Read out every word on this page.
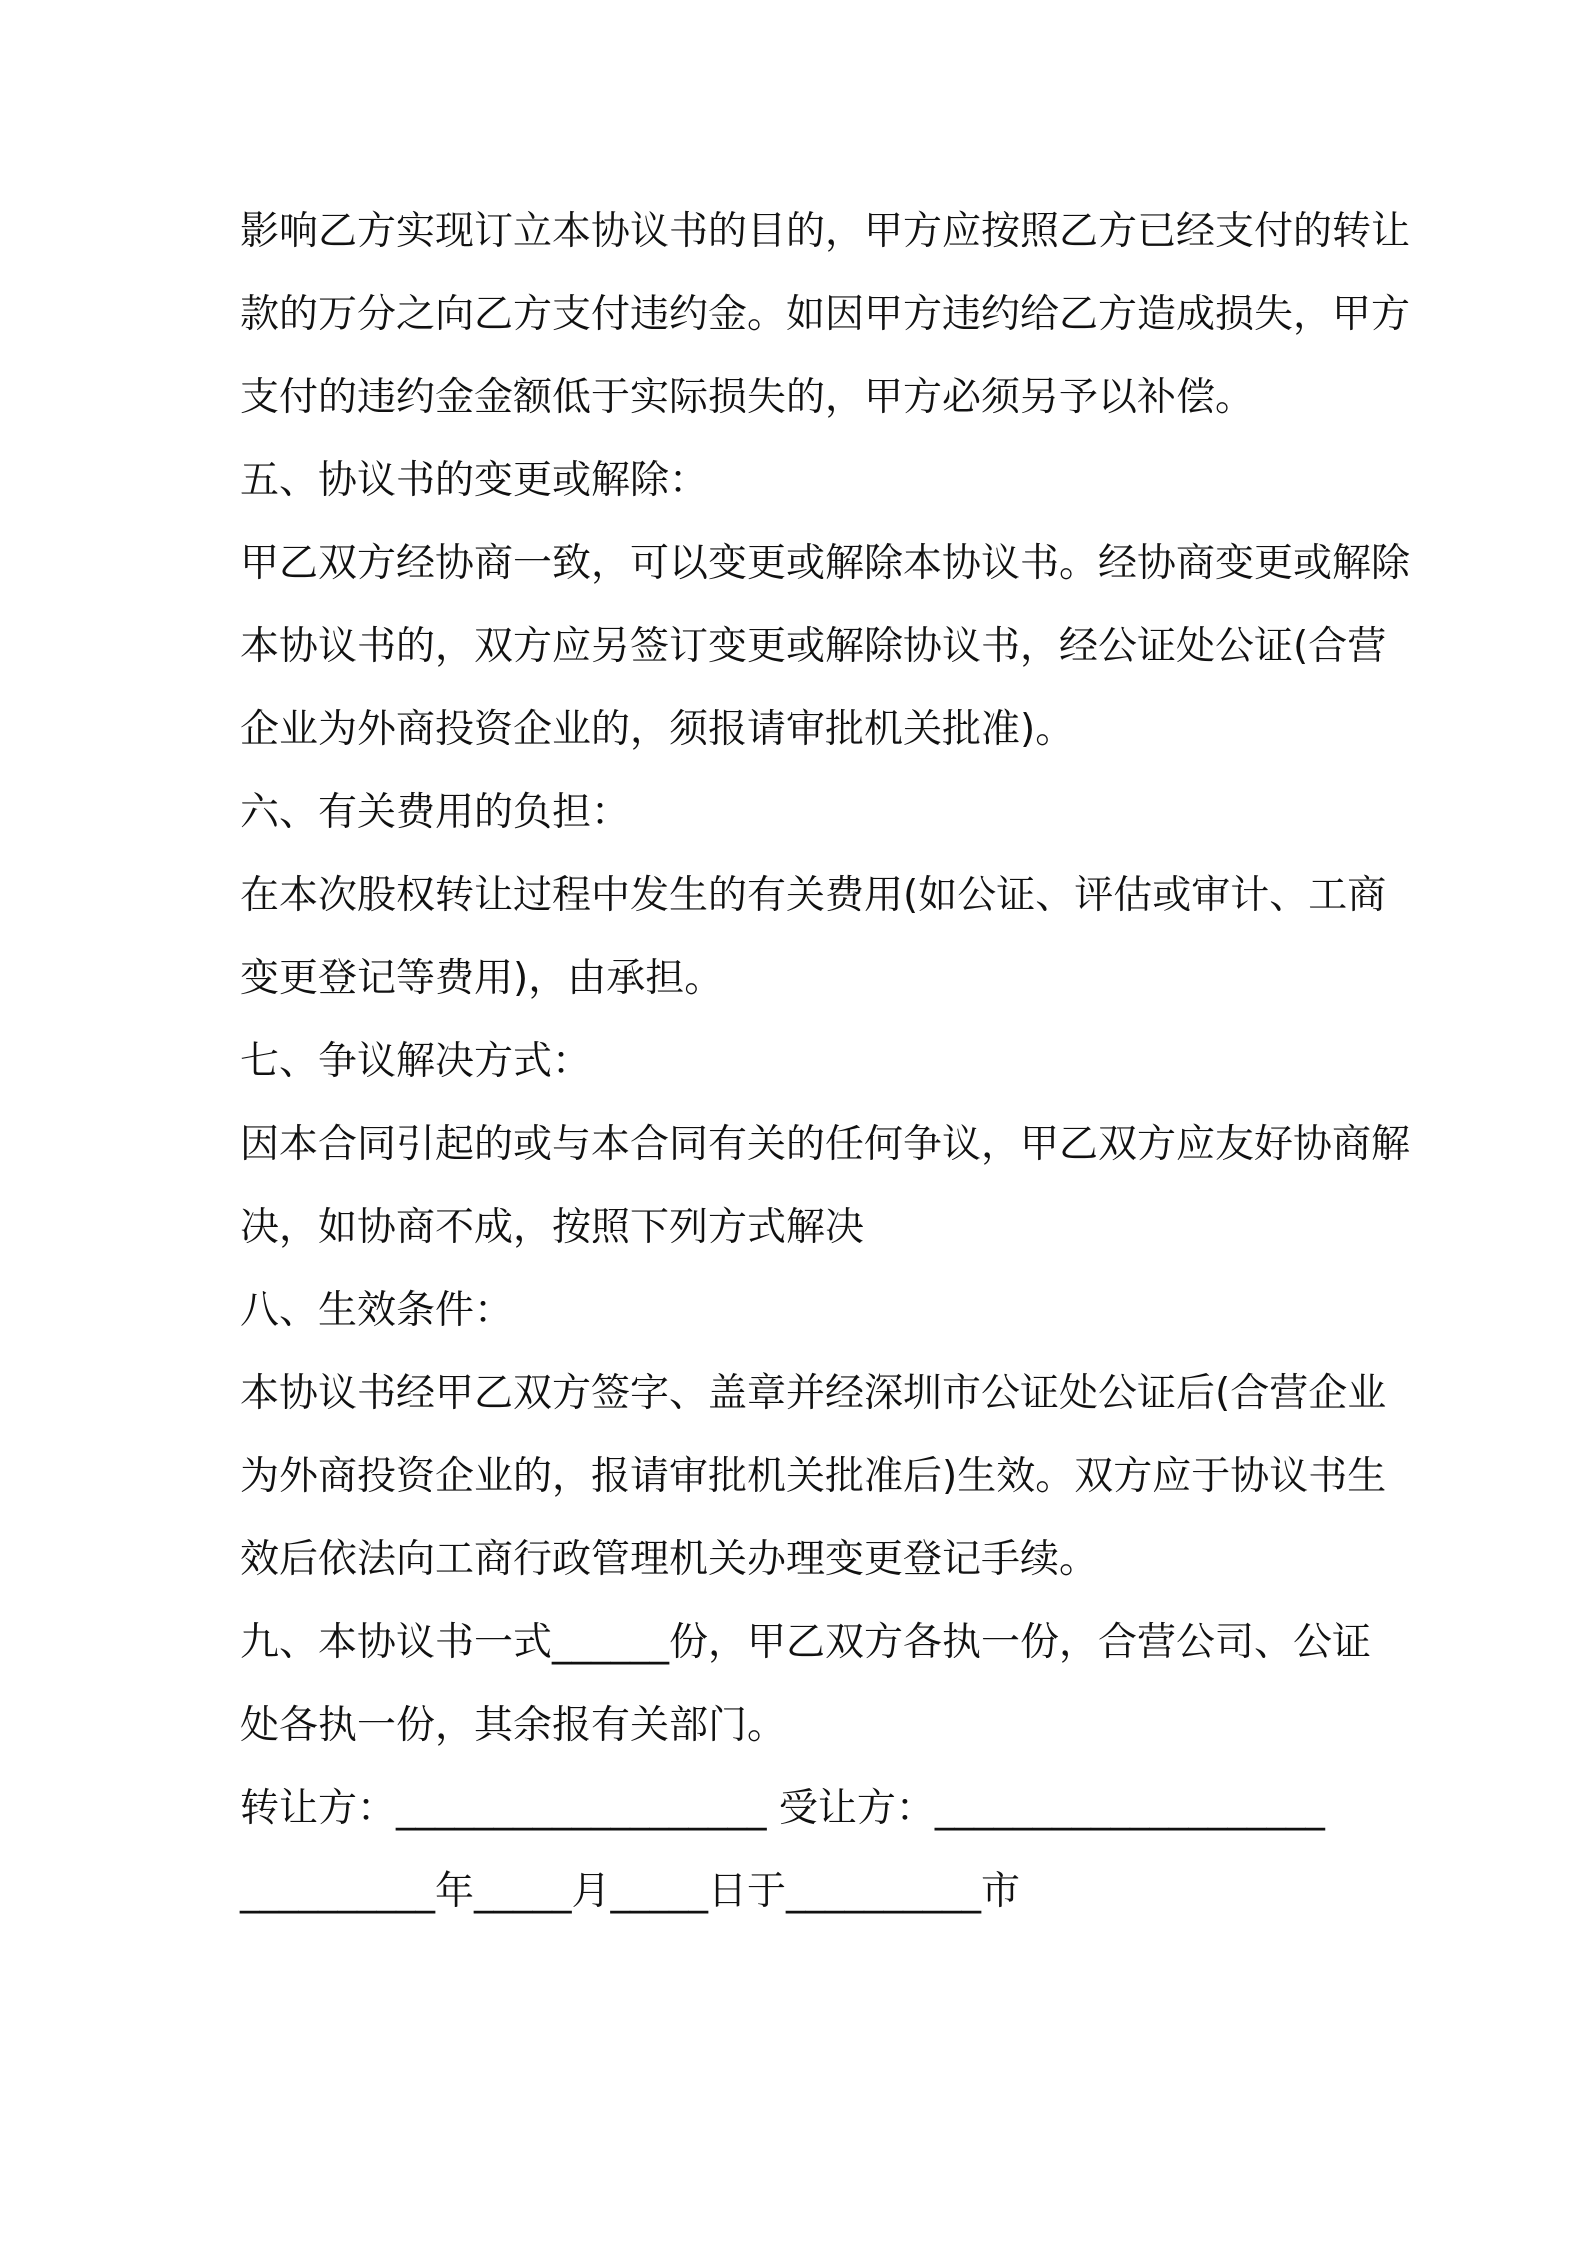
影响乙方实现订立本协议书的目的，甲方应按照乙方已经支付的转让
款的万分之向乙方支付违约金。如因甲方违约给乙方造成损失，甲方
支付的违约金金额低于实际损失的，甲方必须另予以补偿。
五、协议书的变更或解除：
甲乙双方经协商一致，可以变更或解除本协议书。经协商变更或解除
本协议书的，双方应另签订变更或解除协议书，经公证处公证(合营
企业为外商投资企业的，须报请审批机关批准)。
六、有关费用的负担：
在本次股权转让过程中发生的有关费用(如公证、评估或审计、工商
变更登记等费用)，由承担。
七、争议解决方式：
因本合同引起的或与本合同有关的任何争议，甲乙双方应友好协商解
决，如协商不成，按照下列方式解决
八、生效条件：
本协议书经甲乙双方签字、盖章并经深圳市公证处公证后(合营企业
为外商投资企业的，报请审批机关批准后)生效。双方应于协议书生
效后依法向工商行政管理机关办理变更登记手续。
九、本协议书一式______份，甲乙双方各执一份，合营公司、公证
处各执一份，其余报有关部门。
转让方：___________________ 受让方：____________________
__________年_____月_____日于__________市
